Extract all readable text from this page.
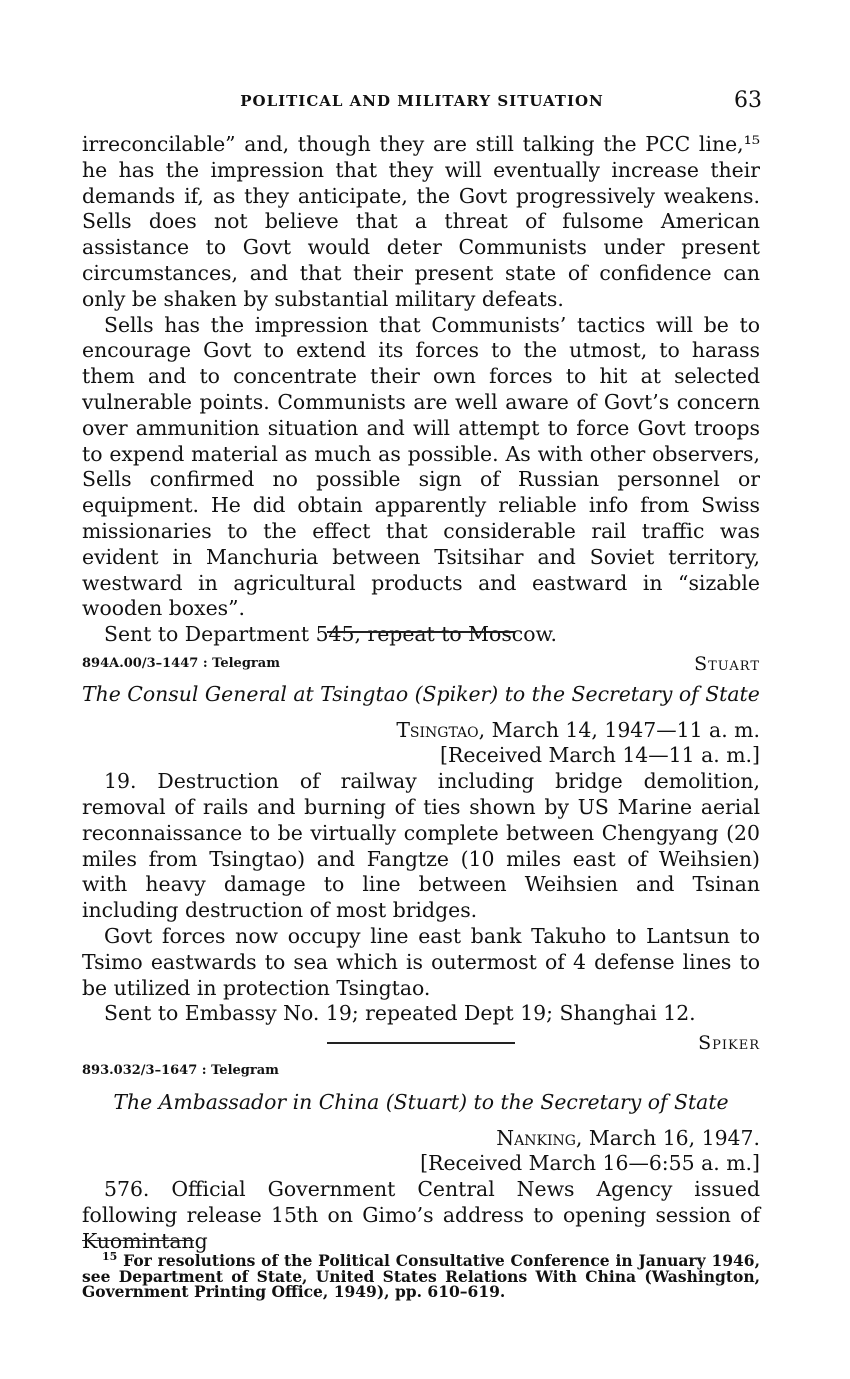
POLITICAL AND MILITARY SITUATION	63

irreconcilable” and, though they are still talking the PCC line,¹⁵ he has the impression that they will eventually increase their demands if, as they anticipate, the Govt progressively weakens. Sells does not believe that a threat of fulsome American assistance to Govt would deter Communists under present circumstances, and that their present state of confidence can only be shaken by substantial military defeats.

Sells has the impression that Communists’ tactics will be to encourage Govt to extend its forces to the utmost, to harass them and to concentrate their own forces to hit at selected vulnerable points. Communists are well aware of Govt’s concern over ammunition situation and will attempt to force Govt troops to expend material as much as possible. As with other observers, Sells confirmed no possible sign of Russian personnel or equipment. He did obtain apparently reliable info from Swiss missionaries to the effect that considerable rail traffic was evident in Manchuria between Tsitsihar and Soviet territory, westward in agricultural products and eastward in “sizable wooden boxes”.

Sent to Department 545, repeat to Moscow.

Stuart
894A.00/3–1447 : Telegram
The Consul General at Tsingtao (Spiker) to the Secretary of State
Tsingtao, March 14, 1947—11 a. m.
[Received March 14—11 a. m.]

19. Destruction of railway including bridge demolition, removal of rails and burning of ties shown by US Marine aerial reconnaissance to be virtually complete between Chengyang (20 miles from Tsingtao) and Fangtze (10 miles east of Weihsien) with heavy damage to line between Weihsien and Tsinan including destruction of most bridges.

Govt forces now occupy line east bank Takuho to Lantsun to Tsimo eastwards to sea which is outermost of 4 defense lines to be utilized in protection Tsingtao.

Sent to Embassy No. 19; repeated Dept 19; Shanghai 12.

Spiker
893.032/3–1647 : Telegram
The Ambassador in China (Stuart) to the Secretary of State
Nanking, March 16, 1947.
[Received March 16—6:55 a. m.]

576. Official Government Central News Agency issued following release 15th on Gimo’s address to opening session of Kuomintang

$^{15}$ For resolutions of the Political Consultative Conference in January 1946, see Department of State, United States Relations With China (Washington, Government Printing Office, 1949), pp. 610–619.
